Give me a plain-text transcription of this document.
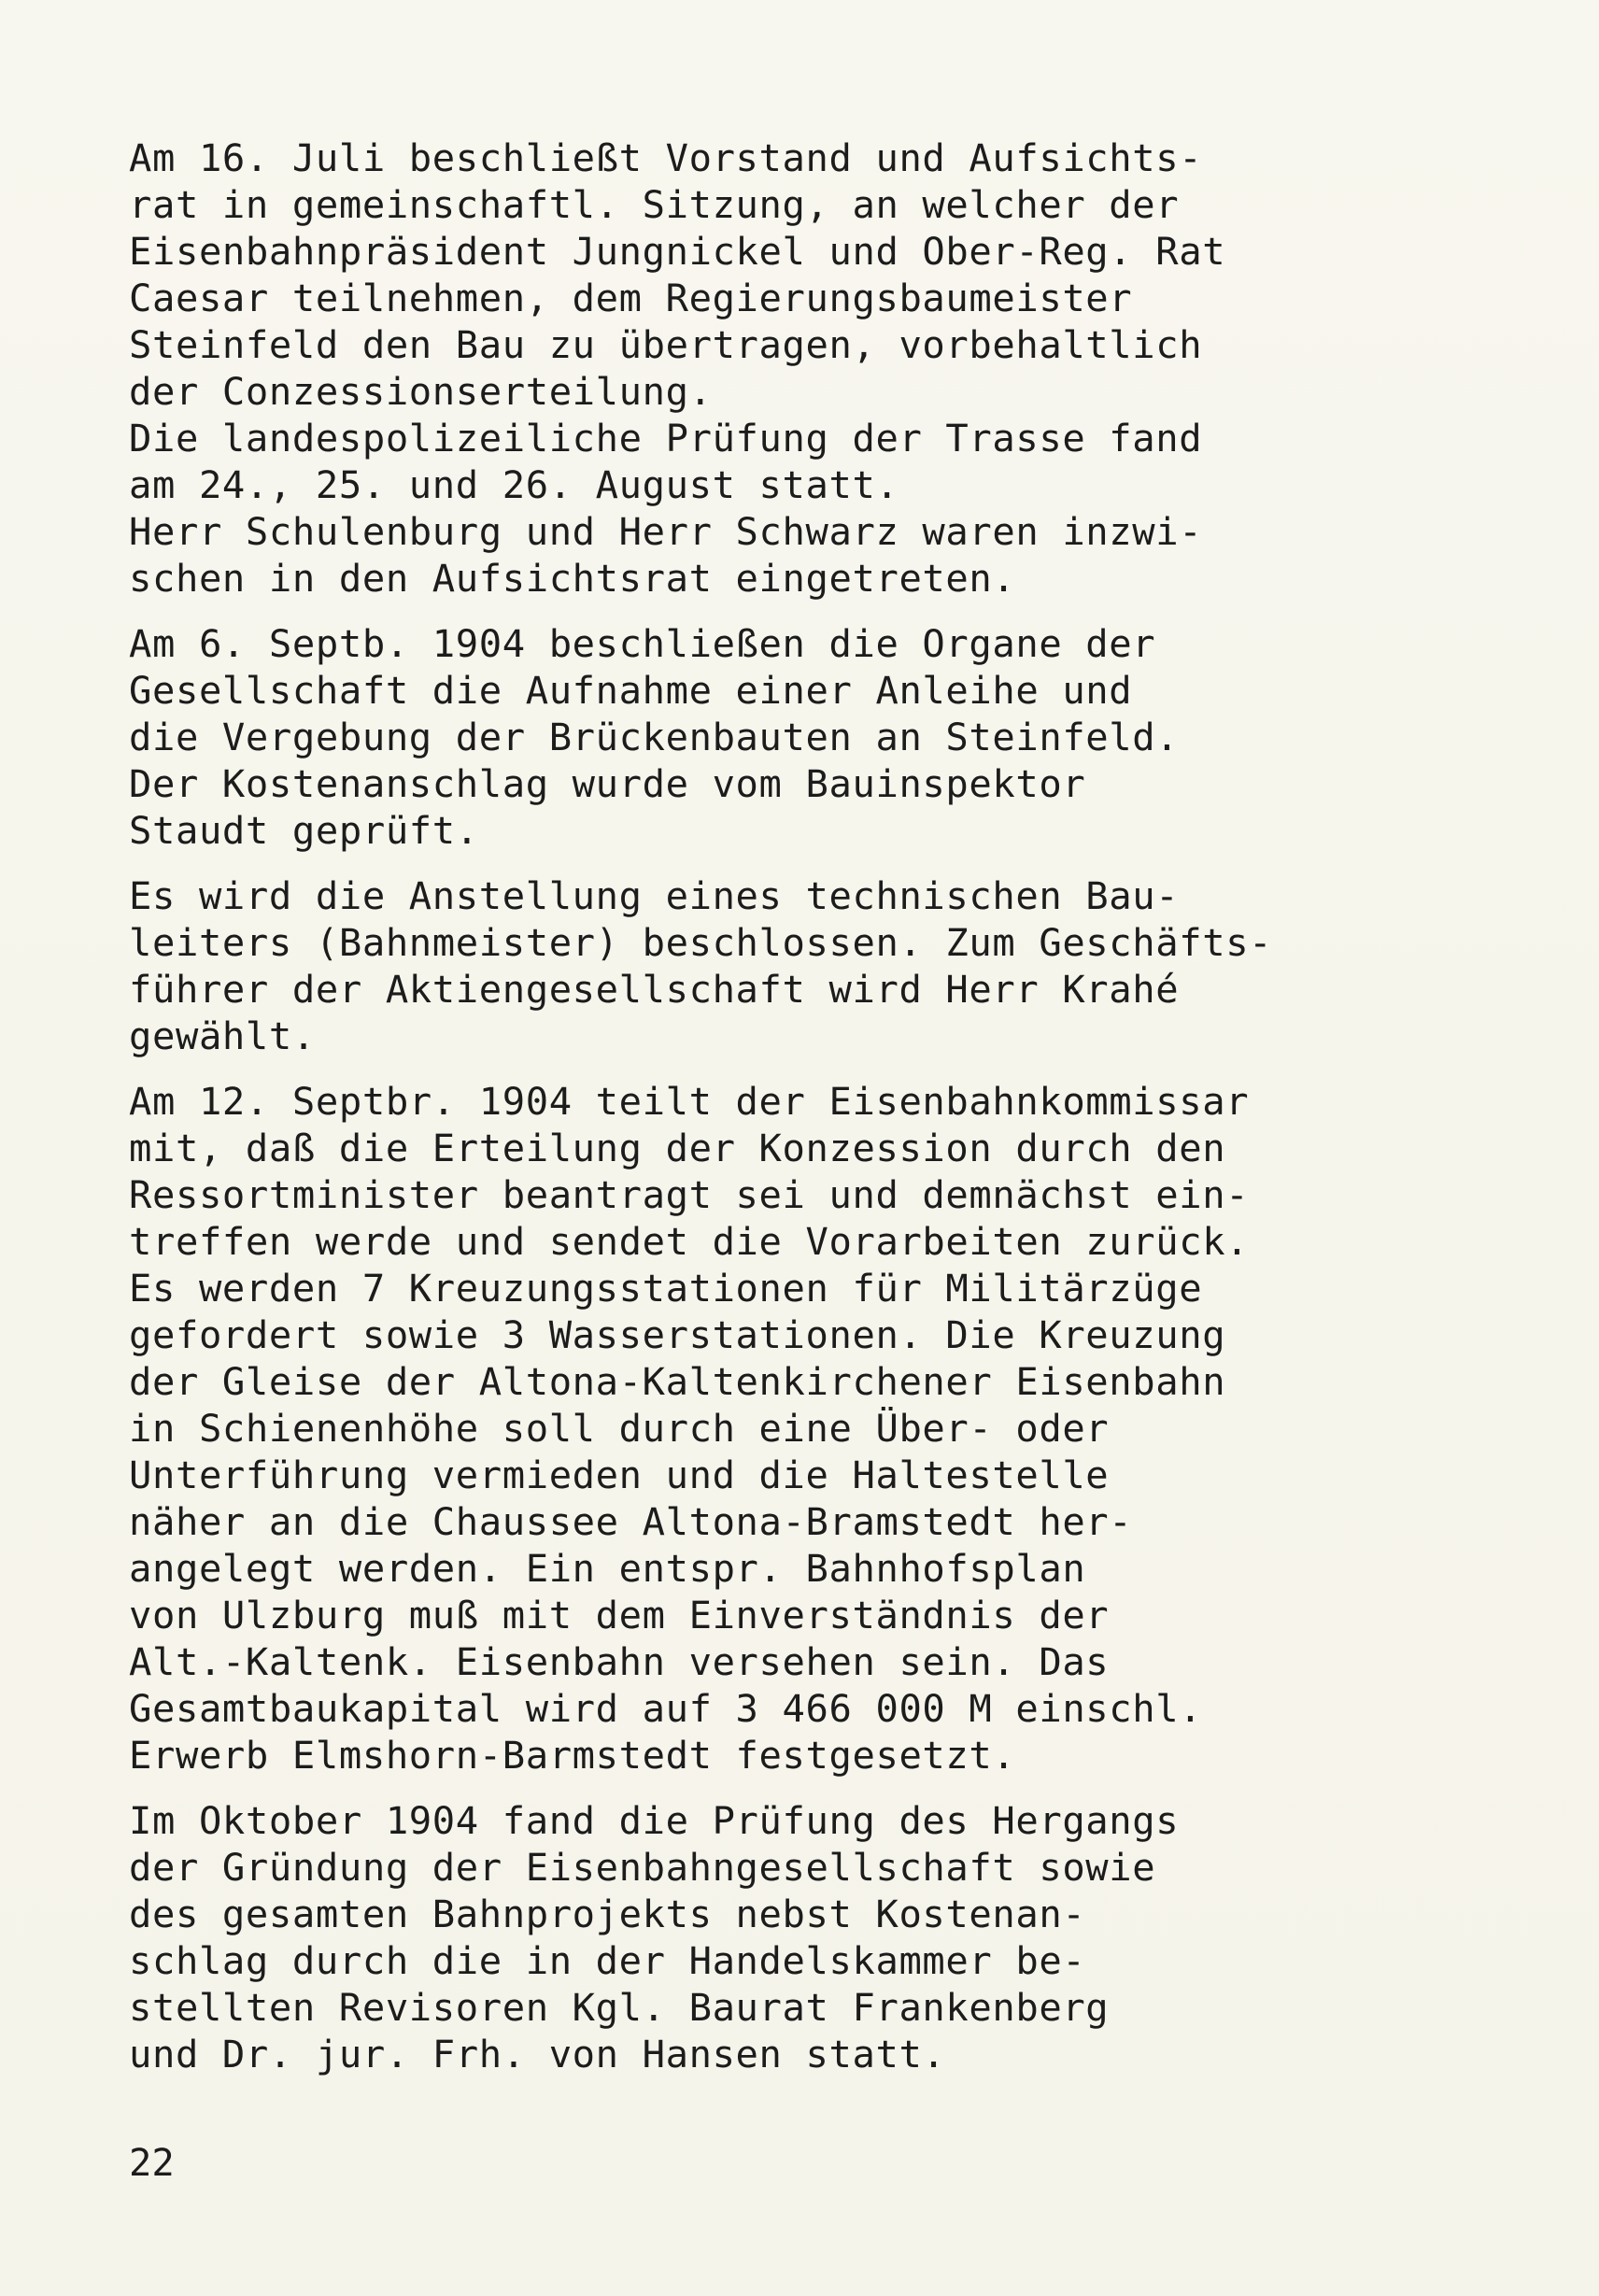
Am 16. Juli beschließt Vorstand und Aufsichts-
rat in gemeinschaftl. Sitzung, an welcher der
Eisenbahnpräsident Jungnickel und Ober-Reg. Rat
Caesar teilnehmen, dem Regierungsbaumeister
Steinfeld den Bau zu übertragen, vorbehaltlich
der Conzessionserteilung.
Die landespolizeiliche Prüfung der Trasse fand
am 24., 25. und 26. August statt.
Herr Schulenburg und Herr Schwarz waren inzwi-
schen in den Aufsichtsrat eingetreten.
Am 6. Septb. 1904 beschließen die Organe der
Gesellschaft die Aufnahme einer Anleihe und
die Vergebung der Brückenbauten an Steinfeld.
Der Kostenanschlag wurde vom Bauinspektor
Staudt geprüft.
Es wird die Anstellung eines technischen Bau-
leiters (Bahnmeister) beschlossen. Zum Geschäfts-
führer der Aktiengesellschaft wird Herr Krahé
gewählt.
Am 12. Septbr. 1904 teilt der Eisenbahnkommissar
mit, daß die Erteilung der Konzession durch den
Ressortminister beantragt sei und demnächst ein-
treffen werde und sendet die Vorarbeiten zurück.
Es werden 7 Kreuzungsstationen für Militärzüge
gefordert sowie 3 Wasserstationen. Die Kreuzung
der Gleise der Altona-Kaltenkirchener Eisenbahn
in Schienenhöhe soll durch eine Über- oder
Unterführung vermieden und die Haltestelle
näher an die Chaussee Altona-Bramstedt her-
angelegt werden. Ein entspr. Bahnhofsplan
von Ulzburg muß mit dem Einverständnis der
Alt.-Kaltenk. Eisenbahn versehen sein. Das
Gesamtbaukapital wird auf 3 466 000 M einschl.
Erwerb Elmshorn-Barmstedt festgesetzt.
Im Oktober 1904 fand die Prüfung des Hergangs
der Gründung der Eisenbahngesellschaft sowie
des gesamten Bahnprojekts nebst Kostenan-
schlag durch die in der Handelskammer be-
stellten Revisoren Kgl. Baurat Frankenberg
und Dr. jur. Frh. von Hansen statt.
22
